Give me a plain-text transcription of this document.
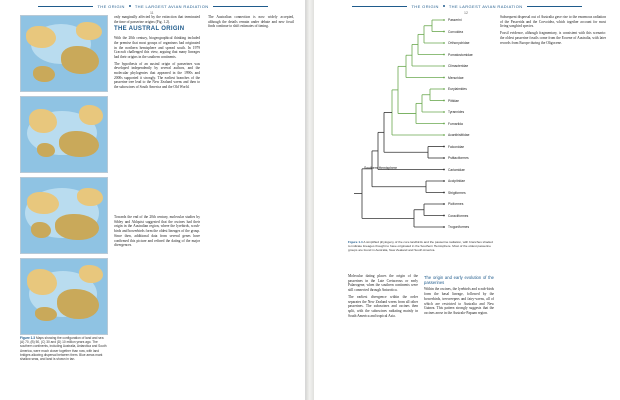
THE ORIGIN	THE LARGEST AVIAN RADIATION
11
Figure 1.3 Maps showing the configuration of land and sea (A) 70, (B) 50, (C) 30 and (D) 10 million years ago. The southern continents, including Australia, Antarctica and South America, were much closer together than now, with land bridges allowing dispersal between them. Blue areas mark shallow seas, and land is shown in tan.

only marginally affected by the extinction that terminated the time of passerine origins (Fig. 1.2).

THE AUSTRAL ORIGIN

With the 20th century, biogeographical thinking included the premise that most groups of organisms had originated in the northern hemisphere and spread south. In 1979 Cracraft challenged this view, arguing that many lineages had their origins in the southern continents.

The hypothesis of an austral origin of passerines was developed independently by several authors, and the molecular phylogenies that appeared in the 1990s and 2000s supported it strongly. The earliest branches of the passerine tree lead to the New Zealand wrens and then to the suboscines of South America and the Old World.

Towards the end of the 20th century, molecular studies by Sibley and Ahlquist suggested that the oscines had their origin in the Australian region, where the lyrebirds, scrub-birds and bowerbirds form the oldest lineages of the group. Since then, additional data from several genes have confirmed this picture and refined the dating of the major divergences.

The Australian connection is now widely accepted, although the details remain under debate and new fossil finds continue to shift estimates of timing.

THE ORIGIN	THE LARGEST AVIAN RADIATION
12
Southern Hemisphere
Passerini
Corvoidea
Orthonychidae
Pomatostomidae
Climacteridae
Menuridae
Eurylaimides
Pittidae
Tyrannides
Furnariida
Acanthisittidae
Falconidae
Psittaciformes
Cariamidae
Accipitridae
Strigiformes
Piciformes
Coraciiformes
Trogoniformes
Figure 1.4 A simplified phylogeny of the core landbirds and the passerine radiation, with branches shaded to indicate lineages thought to have originated in the Southern Hemisphere. Most of the oldest passerine groups are found in Australia, New Zealand and South America.

Molecular dating places the origin of the passerines in the Late Cretaceous or early Palaeogene, when the southern continents were still connected through Antarctica.

The earliest divergence within the order separates the New Zealand wrens from all other passerines. The suboscines and oscines then split, with the suboscines radiating mainly in South America and tropical Asia.

The origin and early evolution of the passerines

Within the oscines, the lyrebirds and scrub-birds form the basal lineage, followed by the bowerbirds, treecreepers and fairy-wrens, all of which are restricted to Australia and New Guinea. This pattern strongly suggests that the oscines arose in the Australo-Papuan region.

Subsequent dispersal out of Australia gave rise to the enormous radiation of the Passerida and the Corvoidea, which together account for most living songbird species.

Fossil evidence, although fragmentary, is consistent with this scenario: the oldest passerine fossils come from the Eocene of Australia, with later records from Europe during the Oligocene.
